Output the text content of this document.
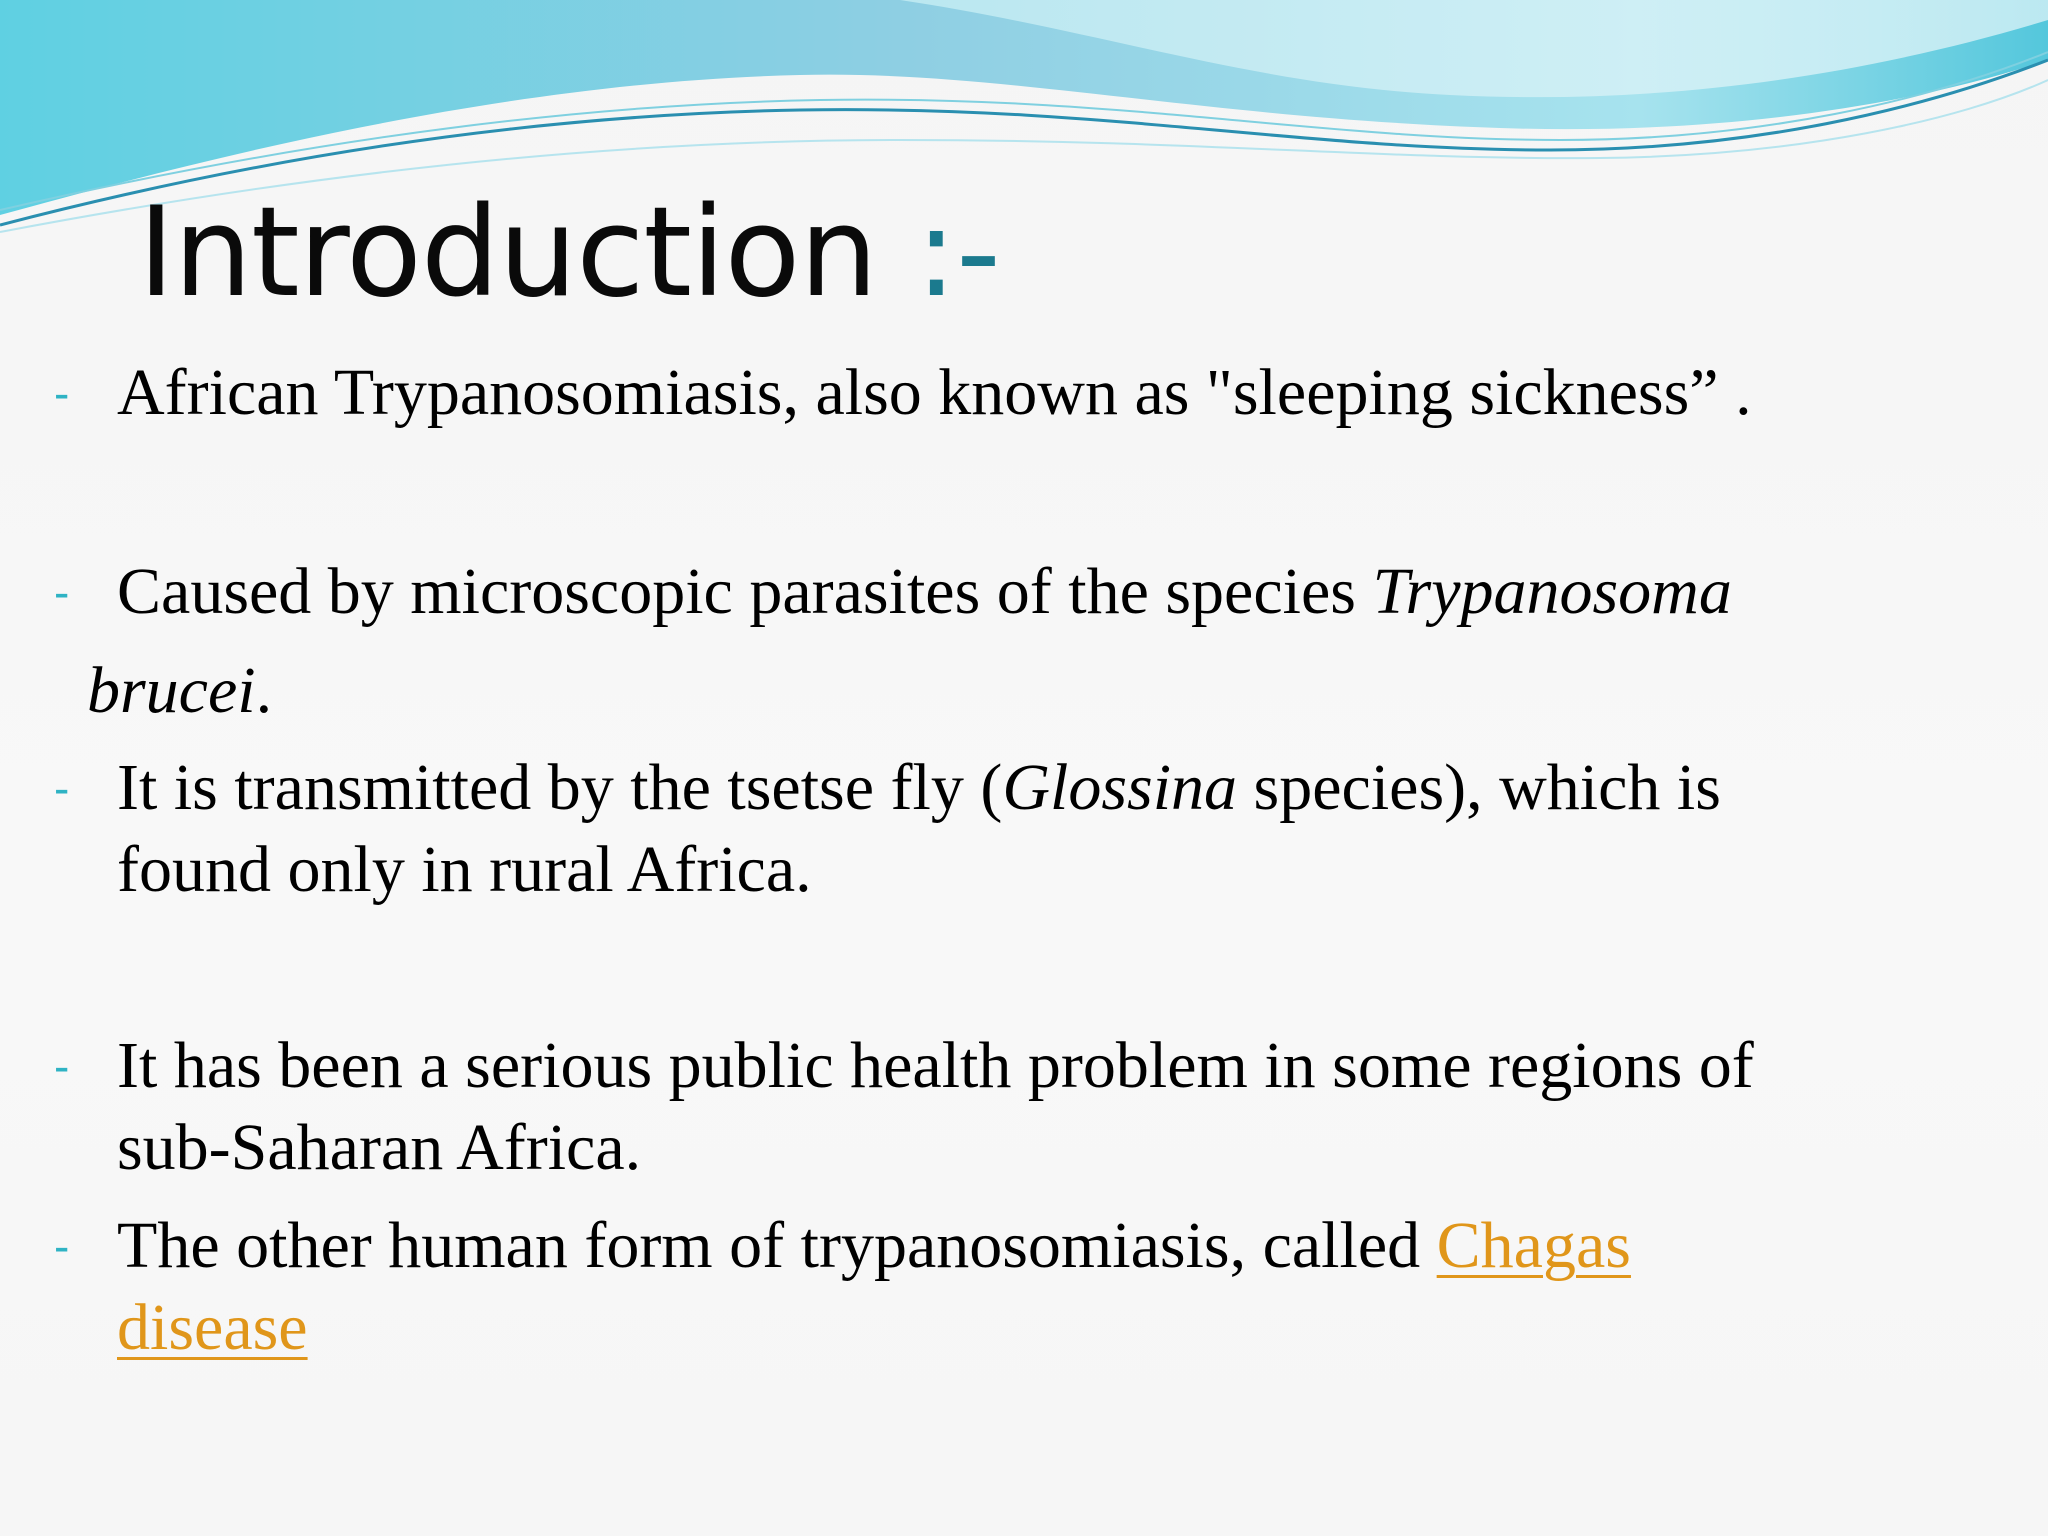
Introduction :-
- African Trypanosomiasis, also known as "sleeping sickness” .
- Caused by microscopic parasites of the species Trypanosoma
brucei.
- It is transmitted by the tsetse fly (Glossina species), which is
found only in rural Africa.
- It has been a serious public health problem in some regions of
sub-Saharan Africa.
- The other human form of trypanosomiasis, called Chagas
disease
